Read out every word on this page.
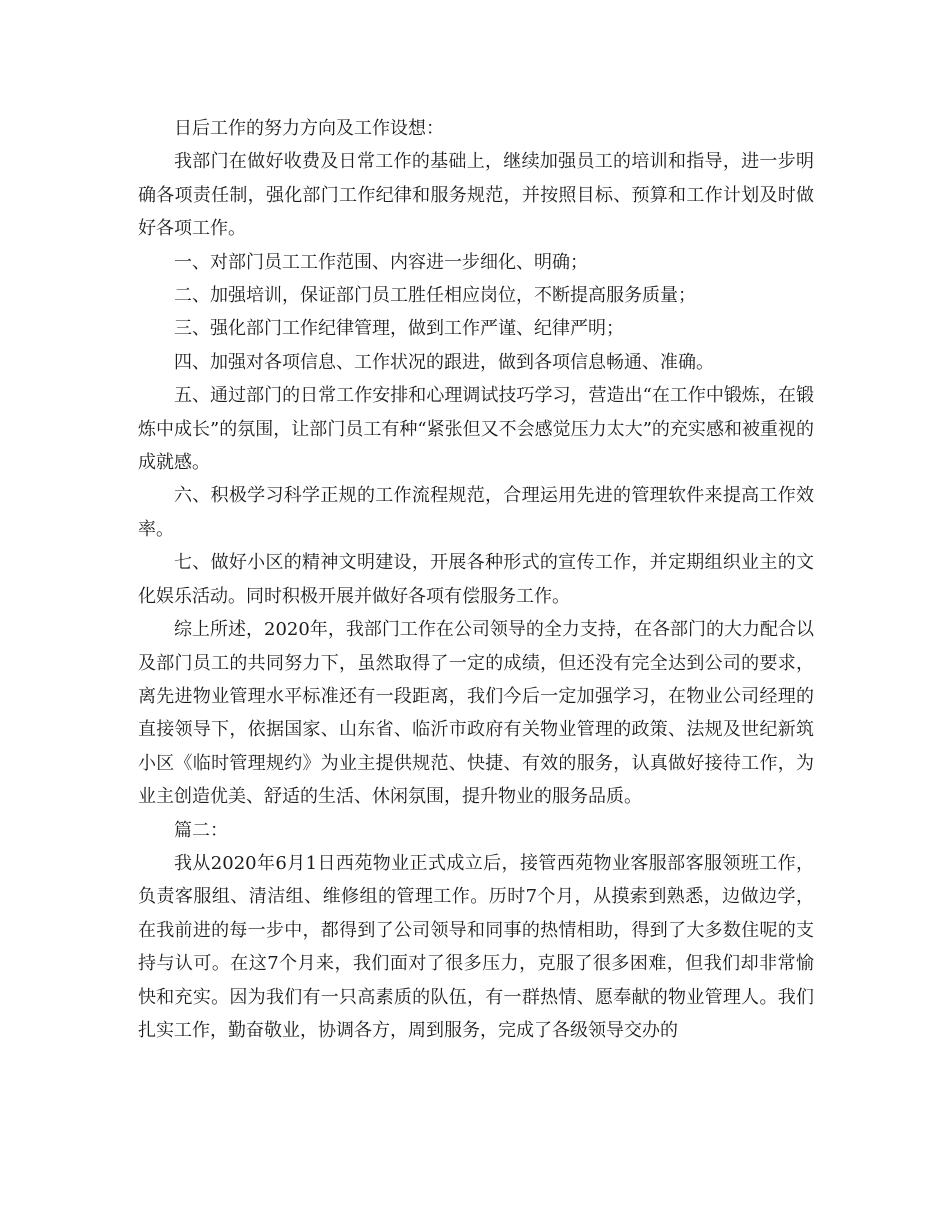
日后工作的努力方向及工作设想：

我部门在做好收费及日常工作的基础上，继续加强员工的培训和指导，进一步明确各项责任制，强化部门工作纪律和服务规范，并按照目标、预算和工作计划及时做好各项工作。

一、对部门员工工作范围、内容进一步细化、明确；

二、加强培训，保证部门员工胜任相应岗位，不断提高服务质量；

三、强化部门工作纪律管理，做到工作严谨、纪律严明；

四、加强对各项信息、工作状况的跟进，做到各项信息畅通、准确。

五、通过部门的日常工作安排和心理调试技巧学习，营造出“在工作中锻炼，在锻炼中成长”的氛围，让部门员工有种“紧张但又不会感觉压力太大”的充实感和被重视的成就感。

六、积极学习科学正规的工作流程规范，合理运用先进的管理软件来提高工作效率。

七、做好小区的精神文明建设，开展各种形式的宣传工作，并定期组织业主的文化娱乐活动。同时积极开展并做好各项有偿服务工作。

综上所述，2020年，我部门工作在公司领导的全力支持，在各部门的大力配合以及部门员工的共同努力下，虽然取得了一定的成绩，但还没有完全达到公司的要求，离先进物业管理水平标准还有一段距离，我们今后一定加强学习，在物业公司经理的直接领导下，依据国家、山东省、临沂市政府有关物业管理的政策、法规及世纪新筑小区《临时管理规约》为业主提供规范、快捷、有效的服务，认真做好接待工作，为业主创造优美、舒适的生活、休闲氛围，提升物业的服务品质。

篇二：

我从2020年6月1日西苑物业正式成立后，接管西苑物业客服部客服领班工作，负责客服组、清洁组、维修组的管理工作。历时7个月，从摸索到熟悉，边做边学，在我前进的每一步中，都得到了公司领导和同事的热情相助，得到了大多数住呢的支持与认可。在这7个月来，我们面对了很多压力，克服了很多困难，但我们却非常愉快和充实。因为我们有一只高素质的队伍，有一群热情、愿奉献的物业管理人。我们扎实工作，勤奋敬业，协调各方，周到服务，完成了各级领导交办的
